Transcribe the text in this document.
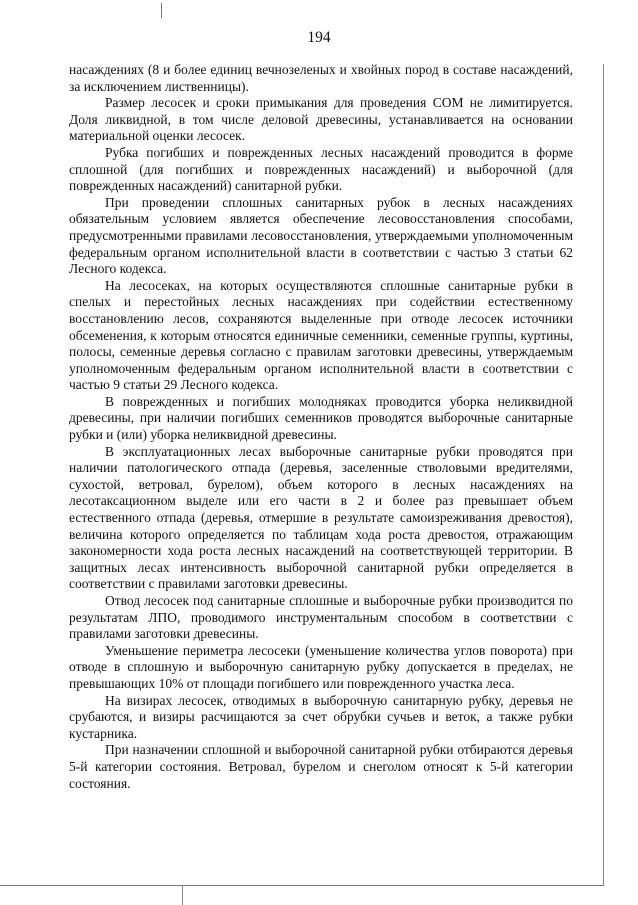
194

насаждениях (8 и более единиц вечнозеленых и хвойных пород в составе насаждений, за исключением лиственницы).

Размер лесосек и сроки примыкания для проведения СОМ не лимитируется. Доля ликвидной, в том числе деловой древесины, устанавливается на основании материальной оценки лесосек.

Рубка погибших и поврежденных лесных насаждений проводится в форме сплошной (для погибших и поврежденных насаждений) и выборочной (для поврежденных насаждений) санитарной рубки.

При проведении сплошных санитарных рубок в лесных насаждениях обязательным условием является обеспечение лесовосстановления способами, предусмотренными правилами лесовосстановления, утверждаемыми уполномоченным федеральным органом исполнительной власти в соответствии с частью 3 статьи 62 Лесного кодекса.

На лесосеках, на которых осуществляются сплошные санитарные рубки в спелых и перестойных лесных насаждениях при содействии естественному восстановлению лесов, сохраняются выделенные при отводе лесосек источники обсеменения, к которым относятся единичные семенники, семенные группы, куртины, полосы, семенные деревья согласно с правилам заготовки древесины, утверждаемым уполномоченным федеральным органом исполнительной власти в соответствии с частью 9 статьи 29 Лесного кодекса.

В поврежденных и погибших молодняках проводится уборка неликвидной древесины, при наличии погибших семенников проводятся выборочные санитарные рубки и (или) уборка неликвидной древесины.

В эксплуатационных лесах выборочные санитарные рубки проводятся при наличии патологического отпада (деревья, заселенные стволовыми вредителями, сухостой, ветровал, бурелом), объем которого в лесных насаждениях на лесотаксационном выделе или его части в 2 и более раз превышает объем естественного отпада (деревья, отмершие в результате самоизреживания древостоя), величина которого определяется по таблицам хода роста древостоя, отражающим закономерности хода роста лесных насаждений на соответствующей территории. В защитных лесах интенсивность выборочной санитарной рубки определяется в соответствии с правилами заготовки древесины.

Отвод лесосек под санитарные сплошные и выборочные рубки производится по результатам ЛПО, проводимого инструментальным способом в соответствии с правилами заготовки древесины.

Уменьшение периметра лесосеки (уменьшение количества углов поворота) при отводе в сплошную и выборочную санитарную рубку допускается в пределах, не превышающих 10% от площади погибшего или поврежденного участка леса.

На визирах лесосек, отводимых в выборочную санитарную рубку, деревья не срубаются, и визиры расчищаются за счет обрубки сучьев и веток, а также рубки кустарника.

При назначении сплошной и выборочной санитарной рубки отбираются деревья 5-й категории состояния. Ветровал, бурелом и снеголом относят к 5-й категории состояния.
